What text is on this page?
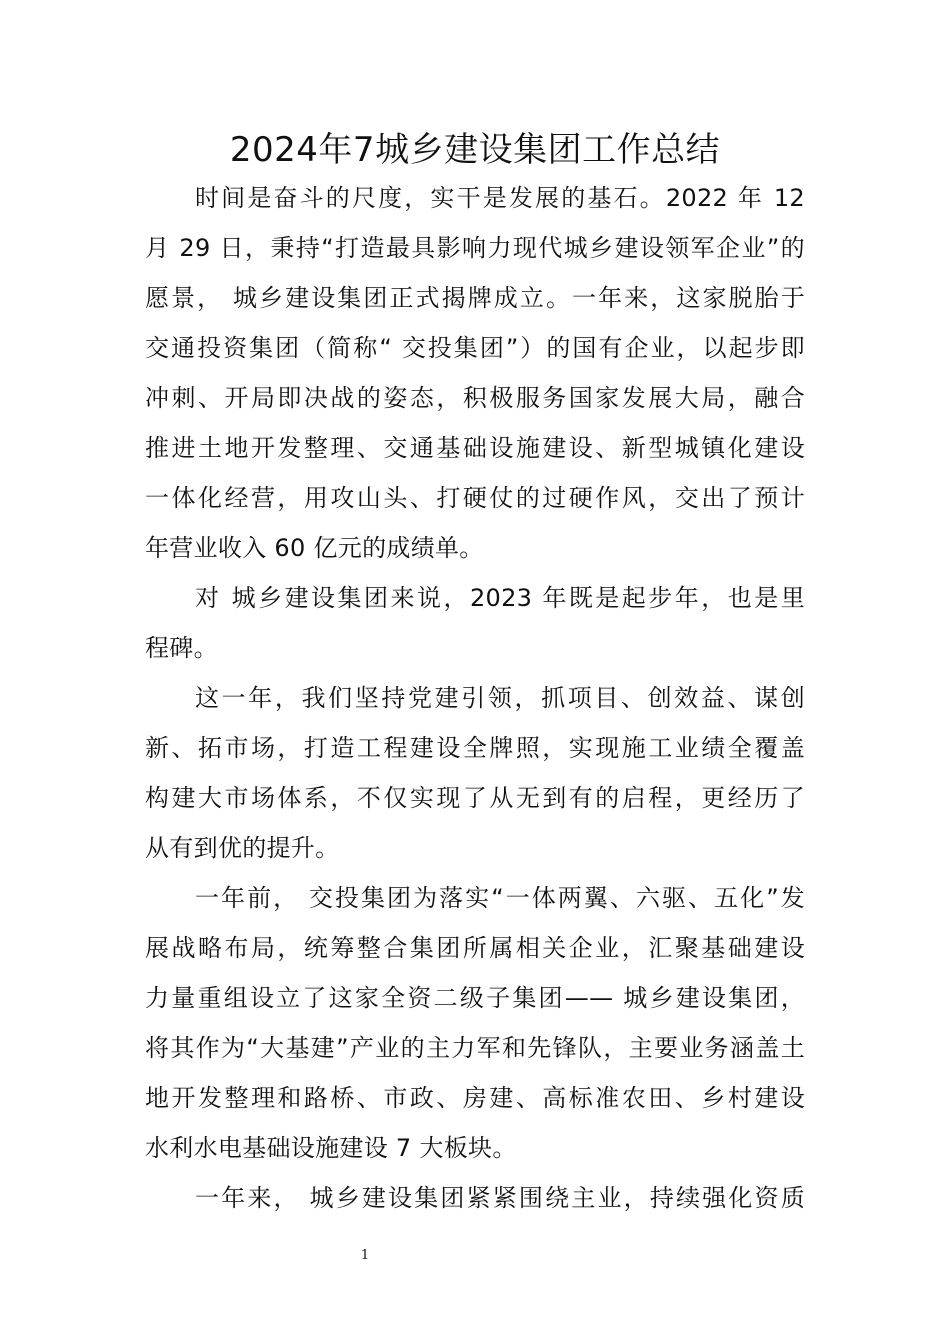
2024年7城乡建设集团工作总结
时间是奋斗的尺度，实干是发展的基石。2022 年 12
月 29 日，秉持“打造最具影响力现代城乡建设领军企业”的
愿景， 城乡建设集团正式揭牌成立。一年来，这家脱胎于
交通投资集团（简称“ 交投集团”）的国有企业，以起步即
冲刺、开局即决战的姿态，积极服务国家发展大局，融合
推进土地开发整理、交通基础设施建设、新型城镇化建设
一体化经营，用攻山头、打硬仗的过硬作风，交出了预计
年营业收入 60 亿元的成绩单。
对 城乡建设集团来说，2023 年既是起步年，也是里
程碑。
这一年，我们坚持党建引领，抓项目、创效益、谋创
新、拓市场，打造工程建设全牌照，实现施工业绩全覆盖
构建大市场体系，不仅实现了从无到有的启程，更经历了
从有到优的提升。
一年前， 交投集团为落实“一体两翼、六驱、五化”发
展战略布局，统筹整合集团所属相关企业，汇聚基础建设
力量重组设立了这家全资二级子集团—— 城乡建设集团，
将其作为“大基建”产业的主力军和先锋队，主要业务涵盖土
地开发整理和路桥、市政、房建、高标准农田、乡村建设
水利水电基础设施建设 7 大板块。
一年来， 城乡建设集团紧紧围绕主业，持续强化资质
1
